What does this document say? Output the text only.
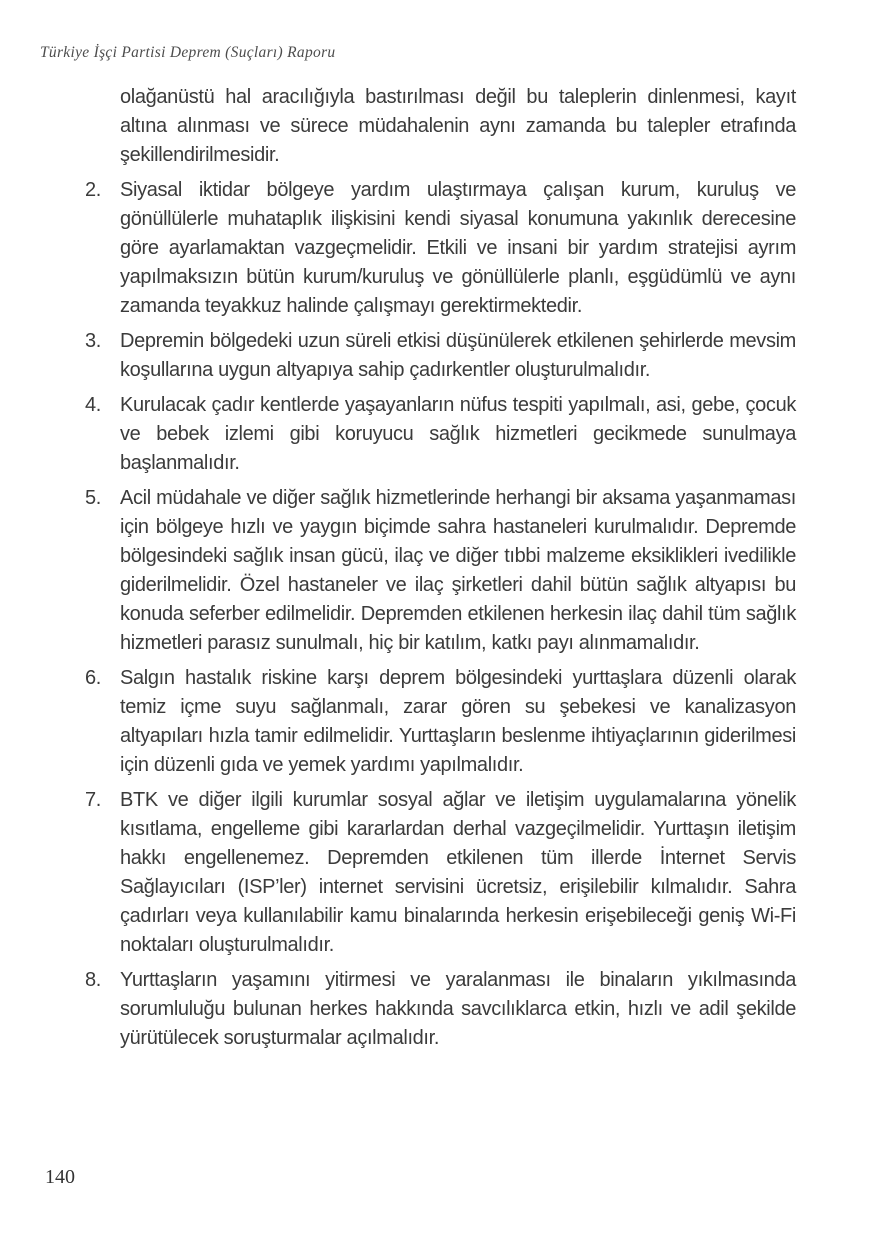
Türkiye İşçi Partisi Deprem (Suçları) Raporu

olağanüstü hal aracılığıyla bastırılması değil bu taleplerin dinlenmesi, kayıt altına alınması ve sürece müdahalenin aynı zamanda bu talepler etrafında şekillendirilmesidir.

2. Siyasal iktidar bölgeye yardım ulaştırmaya çalışan kurum, kuruluş ve gönüllülerle muhataplık ilişkisini kendi siyasal konumuna yakınlık derecesine göre ayarlamaktan vazgeçmelidir. Etkili ve insani bir yardım stratejisi ayrım yapılmaksızın bütün kurum/kuruluş ve gönüllülerle planlı, eşgüdümlü ve aynı zamanda teyakkuz halinde çalışmayı gerektirmektedir.
3. Depremin bölgedeki uzun süreli etkisi düşünülerek etkilenen şehirlerde mevsim koşullarına uygun altyapıya sahip çadırkentler oluşturulmalıdır.
4. Kurulacak çadır kentlerde yaşayanların nüfus tespiti yapılmalı, asi, gebe, çocuk ve bebek izlemi gibi koruyucu sağlık hizmetleri gecikmede sunulmaya başlanmalıdır.
5. Acil müdahale ve diğer sağlık hizmetlerinde herhangi bir aksama yaşanmaması için bölgeye hızlı ve yaygın biçimde sahra hastaneleri kurulmalıdır. Depremde bölgesindeki sağlık insan gücü, ilaç ve diğer tıbbi malzeme eksiklikleri ivedilikle giderilmelidir. Özel hastaneler ve ilaç şirketleri dahil bütün sağlık altyapısı bu konuda seferber edilmelidir. Depremden etkilenen herkesin ilaç dahil tüm sağlık hizmetleri parasız sunulmalı, hiç bir katılım, katkı payı alınmamalıdır.
6. Salgın hastalık riskine karşı deprem bölgesindeki yurttaşlara düzenli olarak temiz içme suyu sağlanmalı, zarar gören su şebekesi ve kanalizasyon altyapıları hızla tamir edilmelidir. Yurttaşların beslenme ihtiyaçlarının giderilmesi için düzenli gıda ve yemek yardımı yapılmalıdır.
7. BTK ve diğer ilgili kurumlar sosyal ağlar ve iletişim uygulamalarına yönelik kısıtlama, engelleme gibi kararlardan derhal vazgeçilmelidir. Yurttaşın iletişim hakkı engellenemez. Depremden etkilenen tüm illerde İnternet Servis Sağlayıcıları (ISP’ler) internet servisini ücretsiz, erişilebilir kılmalıdır. Sahra çadırları veya kullanılabilir kamu binalarında herkesin erişebileceği geniş Wi-Fi noktaları oluşturulmalıdır.
8. Yurttaşların yaşamını yitirmesi ve yaralanması ile binaların yıkılmasında sorumluluğu bulunan herkes hakkında savcılıklarca etkin, hızlı ve adil şekilde yürütülecek soruşturmalar açılmalıdır.
140
